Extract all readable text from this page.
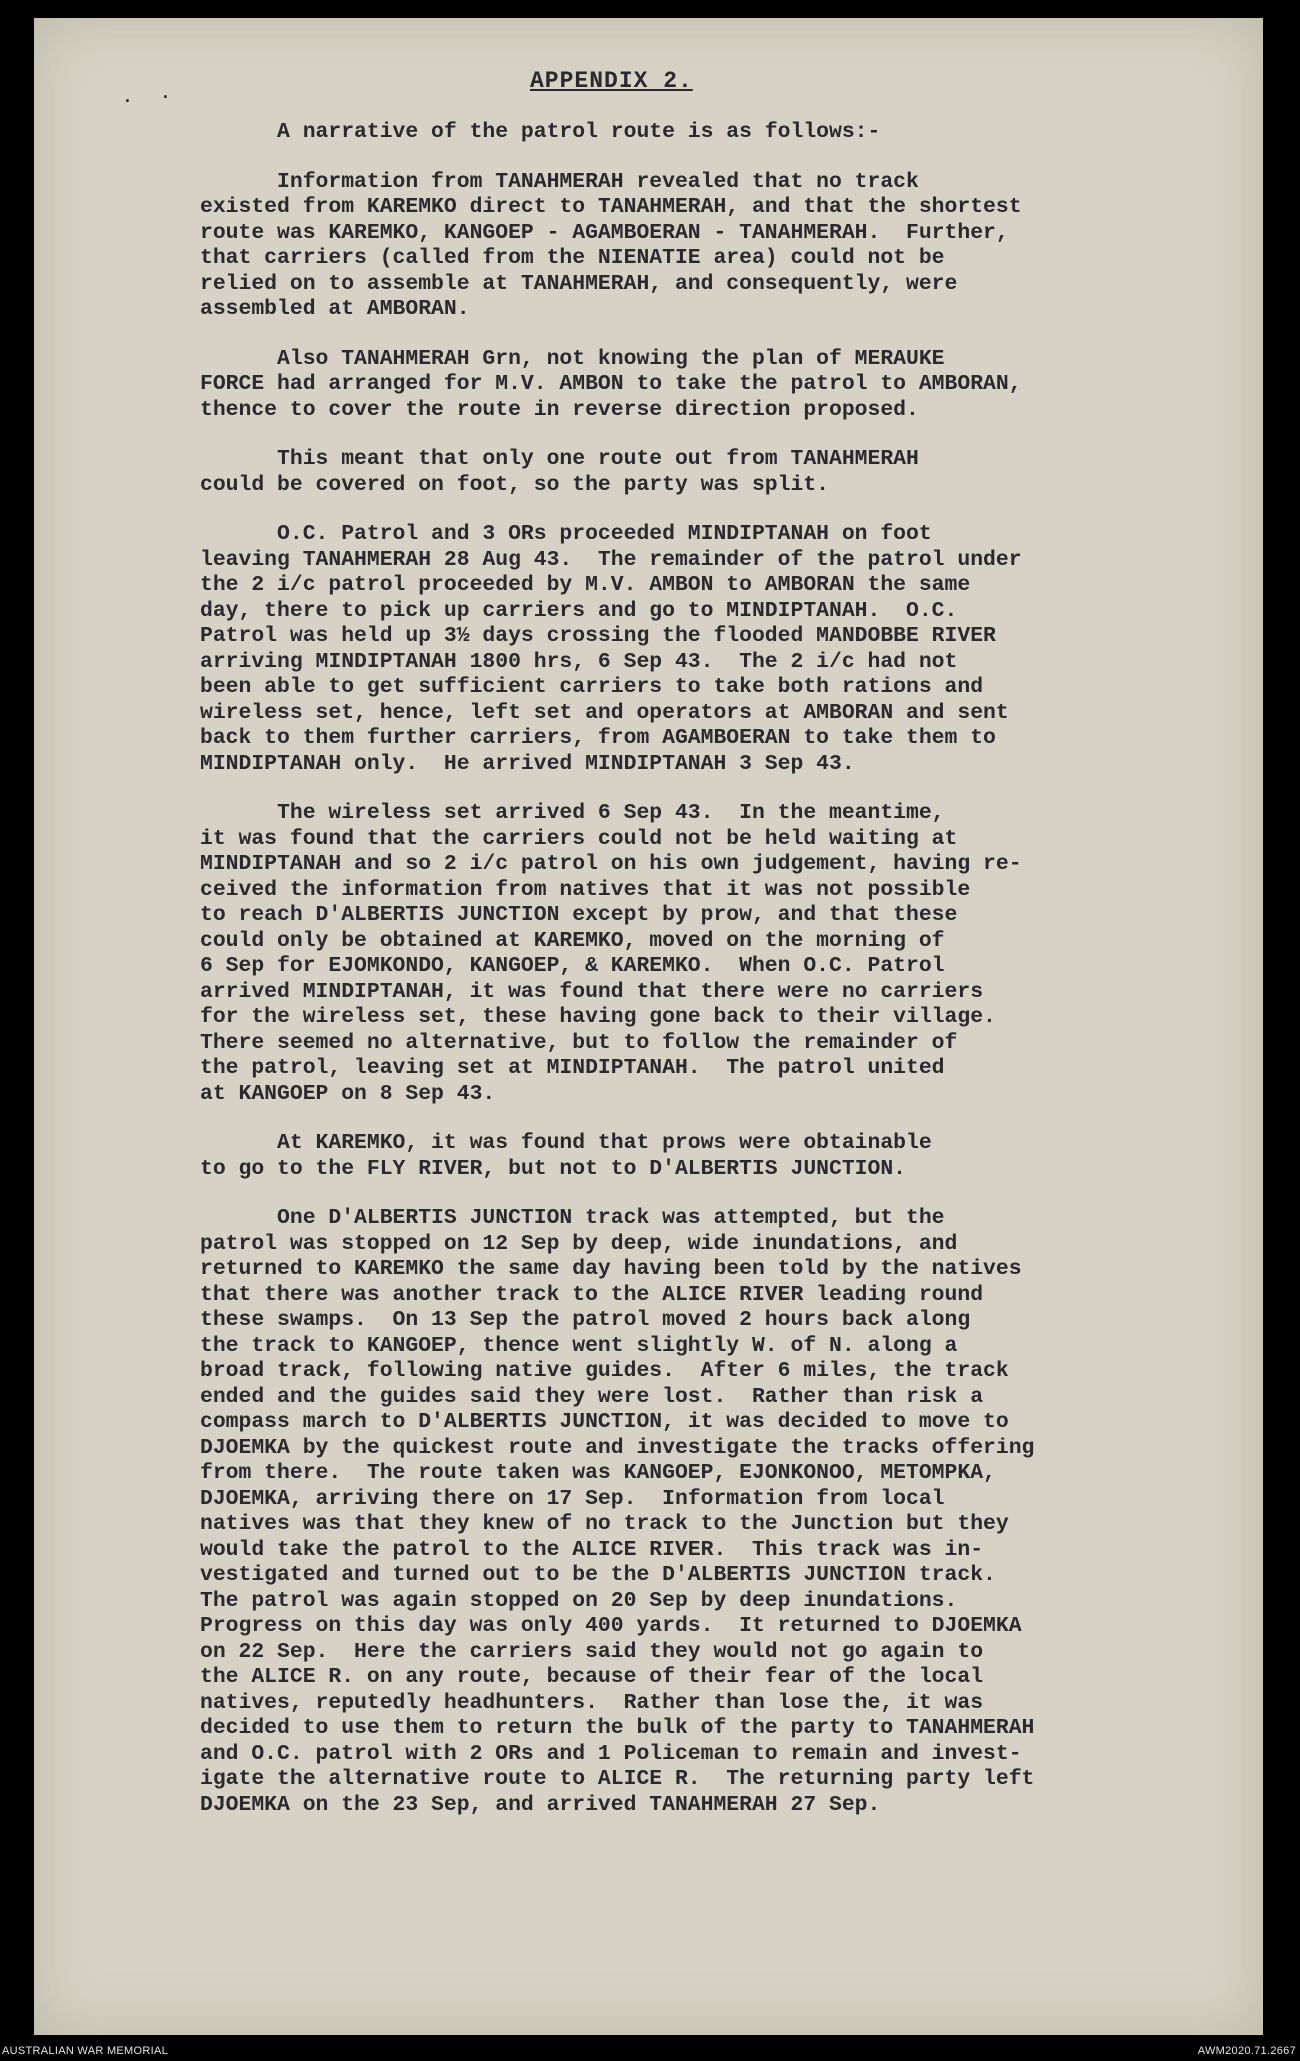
· ·
APPENDIX 2.
A narrative of the patrol route is as follows:-
Information from TANAHMERAH revealed that no track
existed from KAREMKO direct to TANAHMERAH, and that the shortest
route was KAREMKO, KANGOEP - AGAMBOERAN - TANAHMERAH.  Further,
that carriers (called from the NIENATIE area) could not be
relied on to assemble at TANAHMERAH, and consequently, were
assembled at AMBORAN.
Also TANAHMERAH Grn, not knowing the plan of MERAUKE
FORCE had arranged for M.V. AMBON to take the patrol to AMBORAN,
thence to cover the route in reverse direction proposed.
This meant that only one route out from TANAHMERAH
could be covered on foot, so the party was split.
O.C. Patrol and 3 ORs proceeded MINDIPTANAH on foot
leaving TANAHMERAH 28 Aug 43.  The remainder of the patrol under
the 2 i/c patrol proceeded by M.V. AMBON to AMBORAN the same
day, there to pick up carriers and go to MINDIPTANAH.  O.C.
Patrol was held up 3½ days crossing the flooded MANDOBBE RIVER
arriving MINDIPTANAH 1800 hrs, 6 Sep 43.  The 2 i/c had not
been able to get sufficient carriers to take both rations and
wireless set, hence, left set and operators at AMBORAN and sent
back to them further carriers, from AGAMBOERAN to take them to
MINDIPTANAH only.  He arrived MINDIPTANAH 3 Sep 43.
The wireless set arrived 6 Sep 43.  In the meantime,
it was found that the carriers could not be held waiting at
MINDIPTANAH and so 2 i/c patrol on his own judgement, having re-
ceived the information from natives that it was not possible
to reach D'ALBERTIS JUNCTION except by prow, and that these
could only be obtained at KAREMKO, moved on the morning of
6 Sep for EJOMKONDO, KANGOEP, & KAREMKO.  When O.C. Patrol
arrived MINDIPTANAH, it was found that there were no carriers
for the wireless set, these having gone back to their village.
There seemed no alternative, but to follow the remainder of
the patrol, leaving set at MINDIPTANAH.  The patrol united
at KANGOEP on 8 Sep 43.
At KAREMKO, it was found that prows were obtainable
to go to the FLY RIVER, but not to D'ALBERTIS JUNCTION.
One D'ALBERTIS JUNCTION track was attempted, but the
patrol was stopped on 12 Sep by deep, wide inundations, and
returned to KAREMKO the same day having been told by the natives
that there was another track to the ALICE RIVER leading round
these swamps.  On 13 Sep the patrol moved 2 hours back along
the track to KANGOEP, thence went slightly W. of N. along a
broad track, following native guides.  After 6 miles, the track
ended and the guides said they were lost.  Rather than risk a
compass march to D'ALBERTIS JUNCTION, it was decided to move to
DJOEMKA by the quickest route and investigate the tracks offering
from there.  The route taken was KANGOEP, EJONKONOO, METOMPKA,
DJOEMKA, arriving there on 17 Sep.  Information from local
natives was that they knew of no track to the Junction but they
would take the patrol to the ALICE RIVER.  This track was in-
vestigated and turned out to be the D'ALBERTIS JUNCTION track.
The patrol was again stopped on 20 Sep by deep inundations.
Progress on this day was only 400 yards.  It returned to DJOEMKA
on 22 Sep.  Here the carriers said they would not go again to
the ALICE R. on any route, because of their fear of the local
natives, reputedly headhunters.  Rather than lose the, it was
decided to use them to return the bulk of the party to TANAHMERAH
and O.C. patrol with 2 ORs and 1 Policeman to remain and invest-
igate the alternative route to ALICE R.  The returning party left
DJOEMKA on the 23 Sep, and arrived TANAHMERAH 27 Sep.
AUSTRALIAN WAR MEMORIAL	AWM2020.71.2667
